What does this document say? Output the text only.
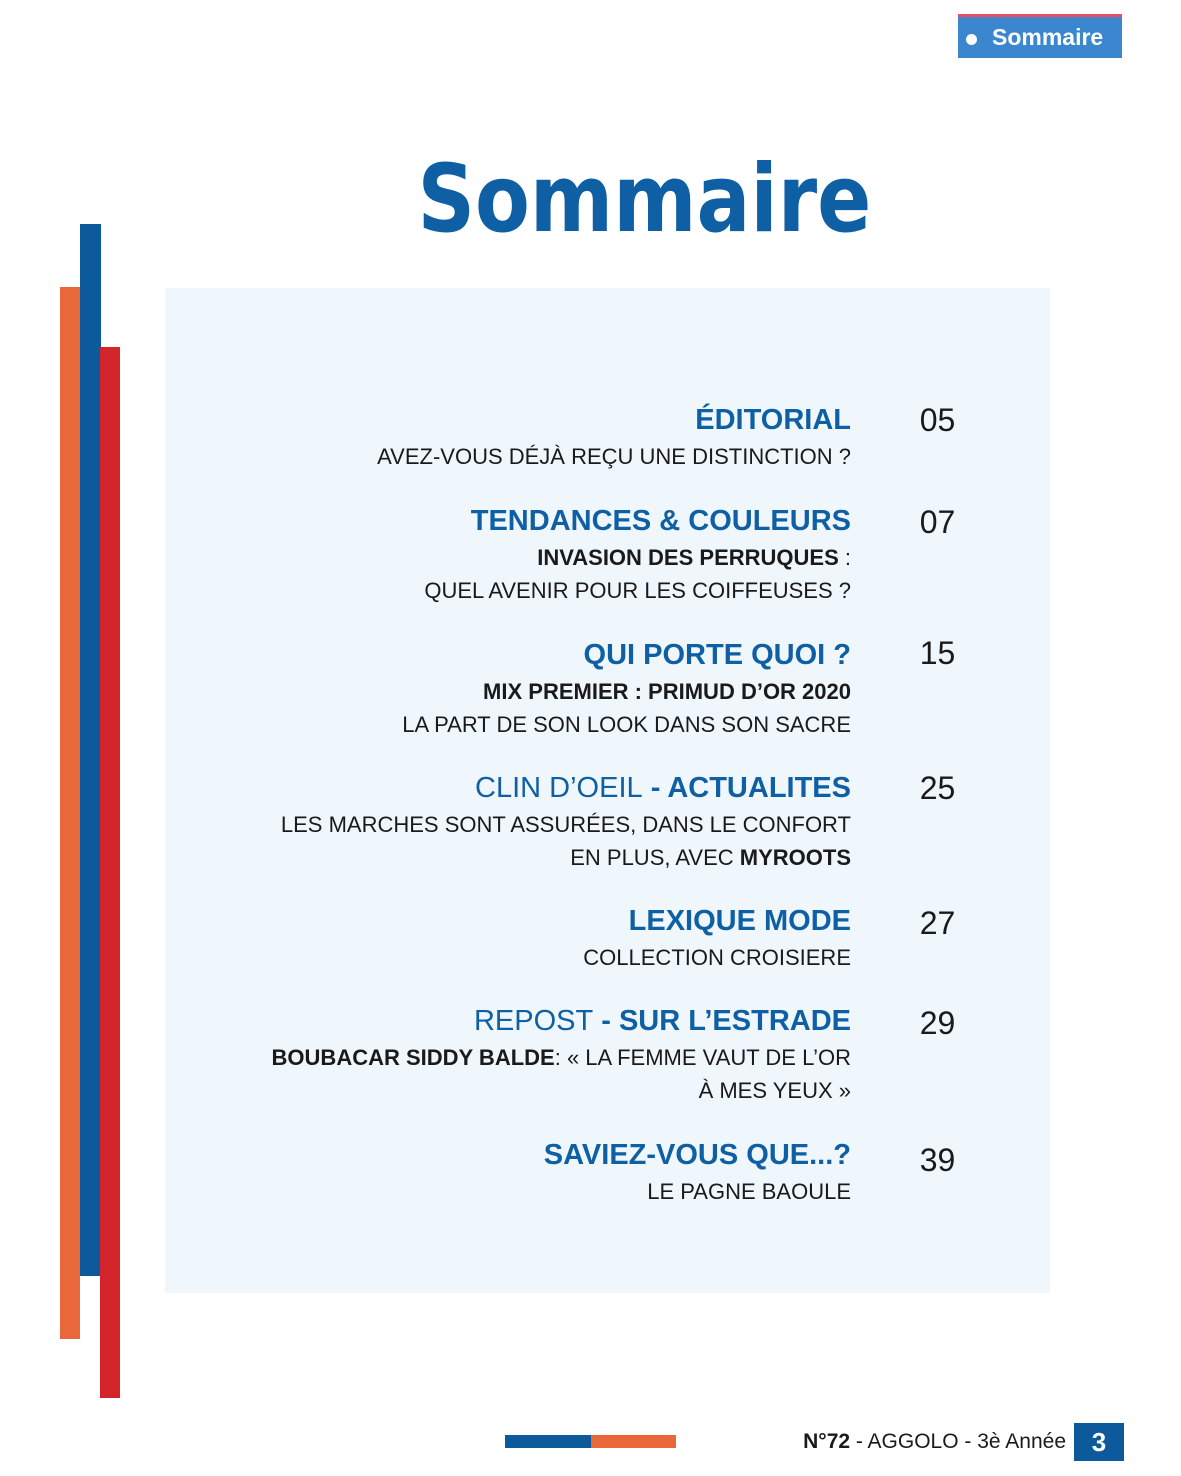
Sommaire
Sommaire
ÉDITORIAL
AVEZ-VOUS DÉJÀ REÇU UNE DISTINCTION ?
05
TENDANCES & COULEURS
INVASION DES PERRUQUES :
QUEL AVENIR POUR LES COIFFEUSES ?
07
QUI PORTE QUOI ?
MIX PREMIER : PRIMUD D’OR 2020
LA PART DE SON LOOK DANS SON SACRE
15
CLIN D’OEIL - ACTUALITES
LES MARCHES SONT ASSURÉES, DANS LE CONFORT
EN PLUS, AVEC MYROOTS
25
LEXIQUE MODE
COLLECTION CROISIERE
27
REPOST - SUR L’ESTRADE
BOUBACAR SIDDY BALDE: « LA FEMME VAUT DE L’OR
À MES YEUX »
29
SAVIEZ-VOUS QUE...?
LE PAGNE BAOULE
39
N°72 - AGGOLO - 3è Année 3
